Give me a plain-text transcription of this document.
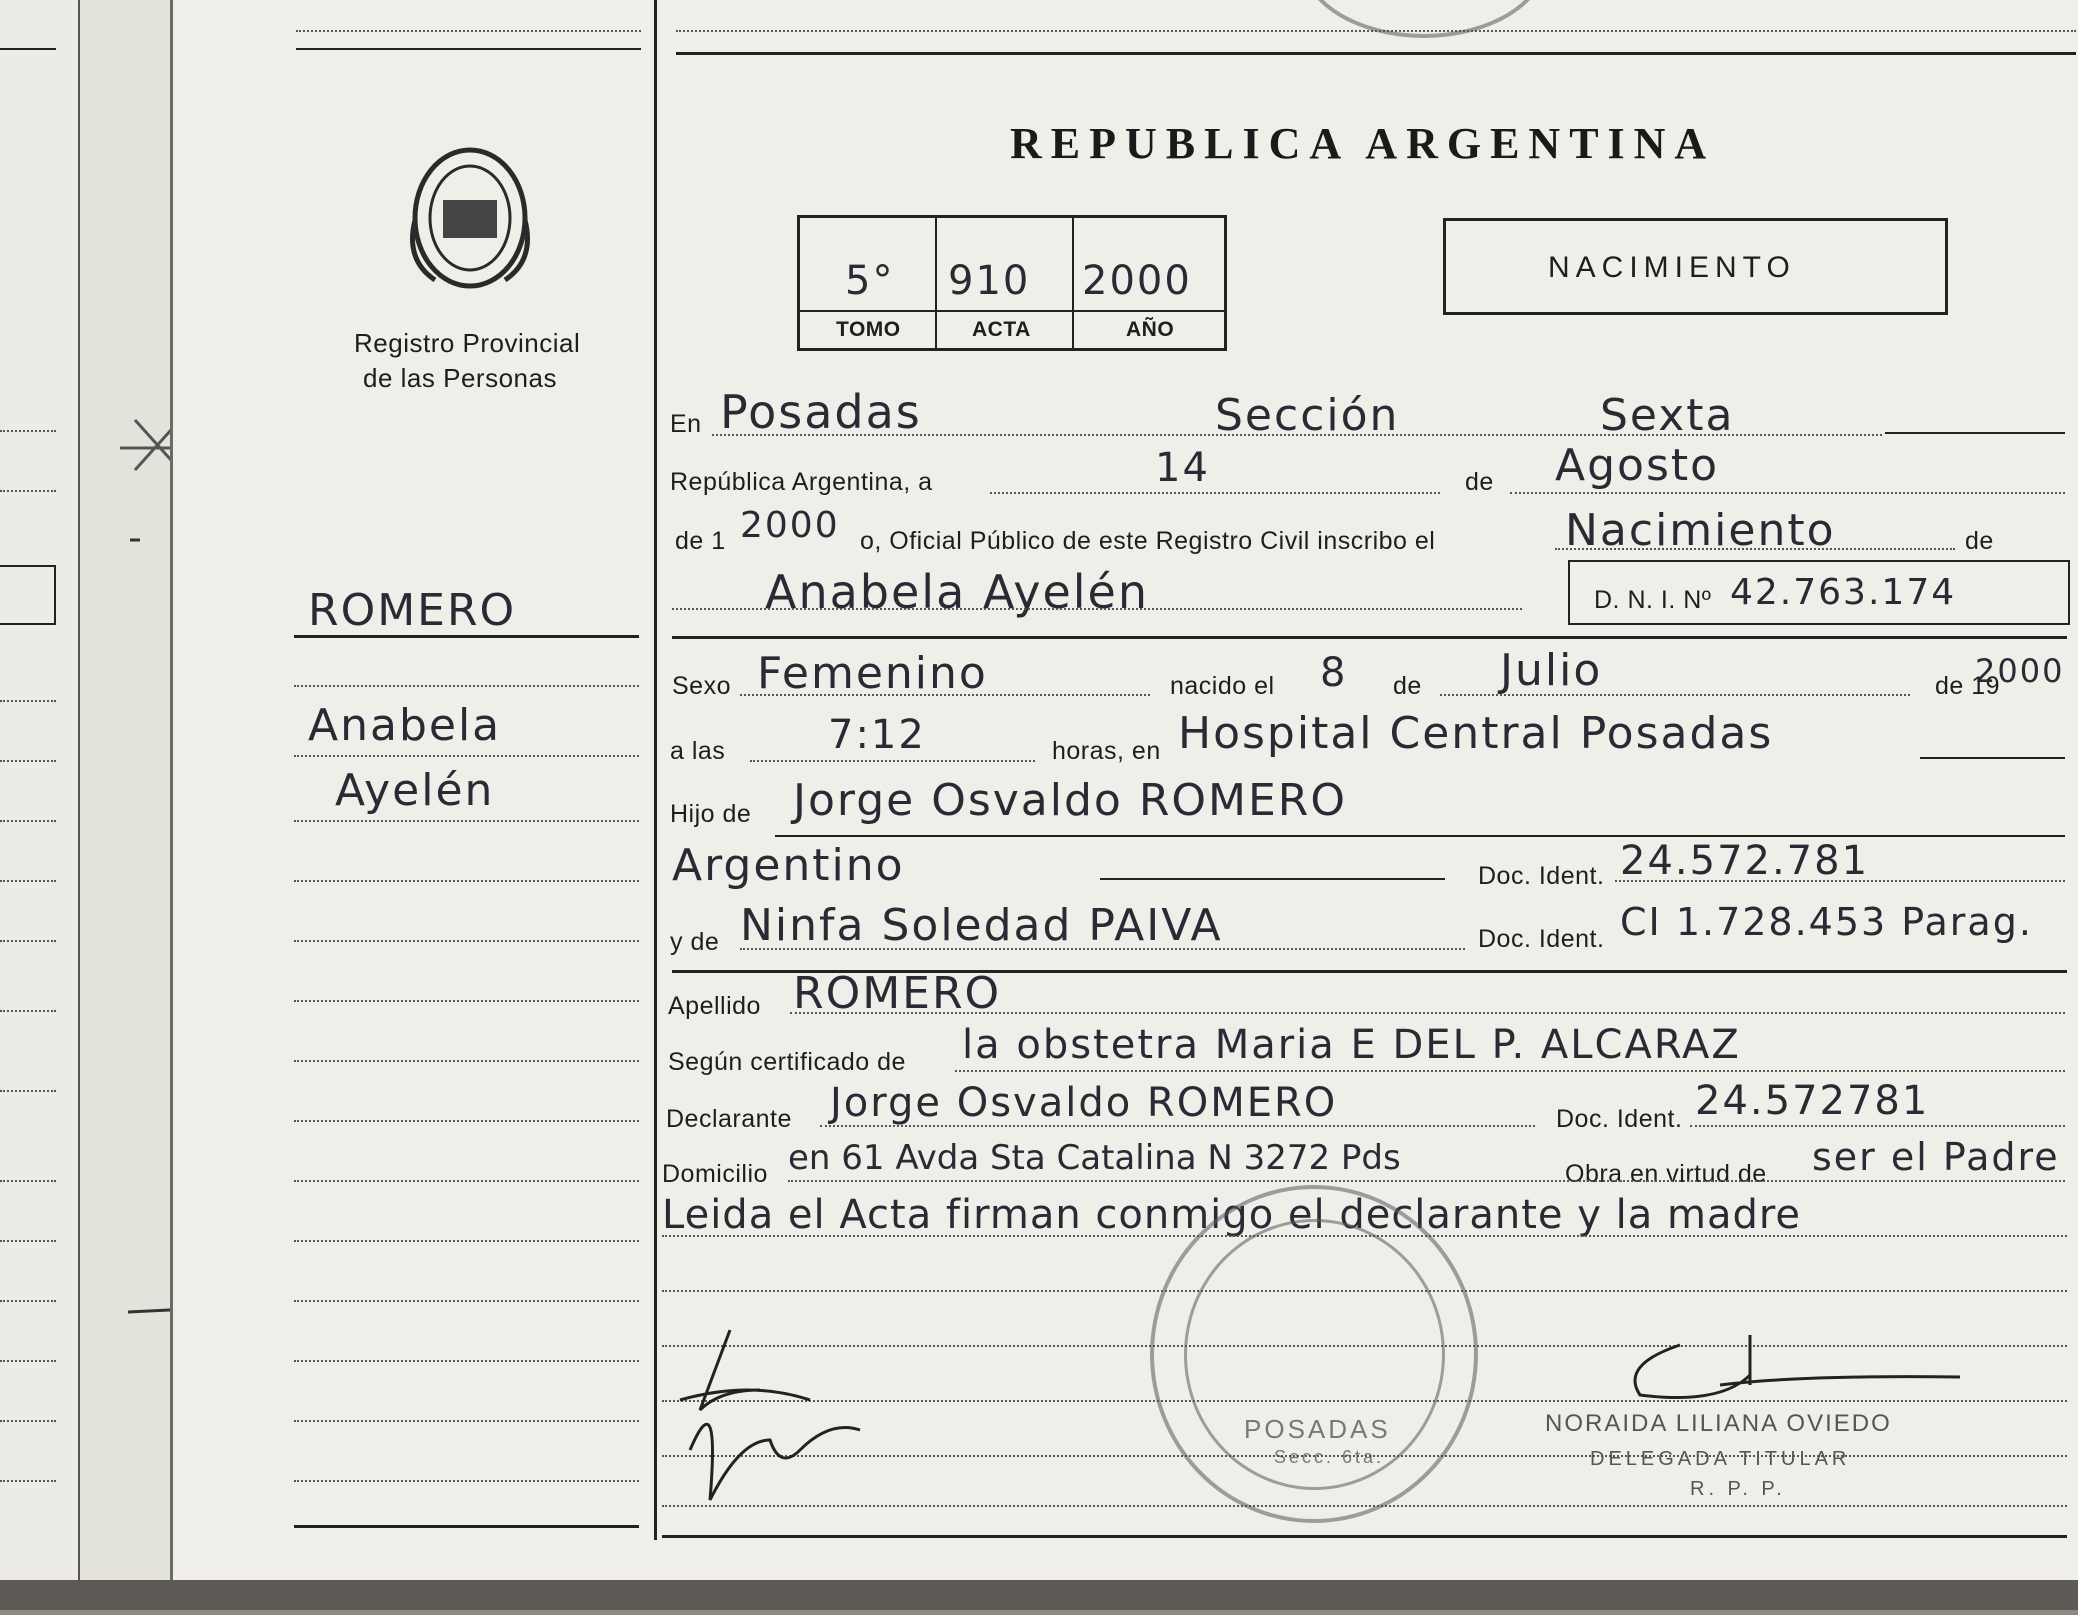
Registro Provincial
de las Personas
ROMERO
Anabela
Ayelén
REPUBLICA ARGENTINA
5° 910 2000
TOMO	ACTA	AÑO
NACIMIENTO
En Posadas	Sección	Sexta
República Argentina, a	14	de Agosto
de 1 2000 o, Oficial Público de este Registro Civil inscribo el	Nacimiento	de
Anabela Ayelén	D. N. I. Nº 42.763.174
Sexo Femenino	nacido el 8 de Julio	de 19
2000
a las	7:12	horas, en Hospital Central Posadas
Hijo de Jorge Osvaldo ROMERO
Argentino	Doc. Ident. 24.572.781
y de Ninfa Soledad PAIVA	Doc. Ident. CI 1.728.453 Parag.
Apellido ROMERO
Según certificado de la obstetra Maria E DEL P. ALCARAZ
Declarante Jorge Osvaldo ROMERO	Doc. Ident. 24.572781
Domicilio en 61 Avda Sta Catalina N 3272 Pds	Obra en virtud de ser el Padre
Leida el Acta firman conmigo el declarante y la madre
NORAIDA LILIANA OVIEDO
DELEGADA TITULAR
R. P. P.
POSADAS
Secc. 6ta.
